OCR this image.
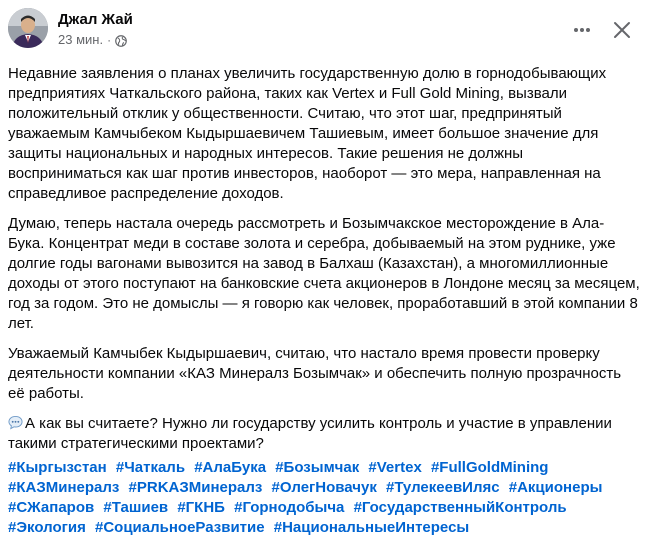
Джал Жай
23 мин. ·

Недавние заявления о планах увеличить государственную долю в горнодобывающих предприятиях Чаткальского района, таких как Vertex и Full Gold Mining, вызвали положительный отклик у общественности. Считаю, что этот шаг, предпринятый уважаемым Камчыбеком Кыдыршаевичем Ташиевым, имеет большое значение для защиты национальных и народных интересов. Такие решения не должны восприниматься как шаг против инвесторов, наоборот — это мера, направленная на справедливое распределение доходов.

Думаю, теперь настала очередь рассмотреть и Бозымчакское месторождение в Ала-Бука. Концентрат меди в составе золота и серебра, добываемый на этом руднике, уже долгие годы вагонами вывозится на завод в Балхаш (Казахстан), а многомиллионные доходы от этого поступают на банковские счета акционеров в Лондоне месяц за месяцем, год за годом. Это не домыслы — я говорю как человек, проработавший в этой компании 8 лет.

Уважаемый Камчыбек Кыдыршаевич, считаю, что настало время провести проверку деятельности компании «КАЗ Минералз Бозымчак» и обеспечить полную прозрачность её работы.

А как вы считаете? Нужно ли государству усилить контроль и участие в управлении такими стратегическими проектами?

#Кыргызстан #Чаткаль #АлаБука #Бозымчак #Vertex #FullGoldMining #КАЗМинералз #PRKAЗМинералз #ОлегНовачук #ТулекеевИляс #Акционеры #СЖапаров #Ташиев #ГКНБ #Горнодобыча #ГосударственныйКонтроль #Экология #СоциальноеРазвитие #НациональныеИнтересы
